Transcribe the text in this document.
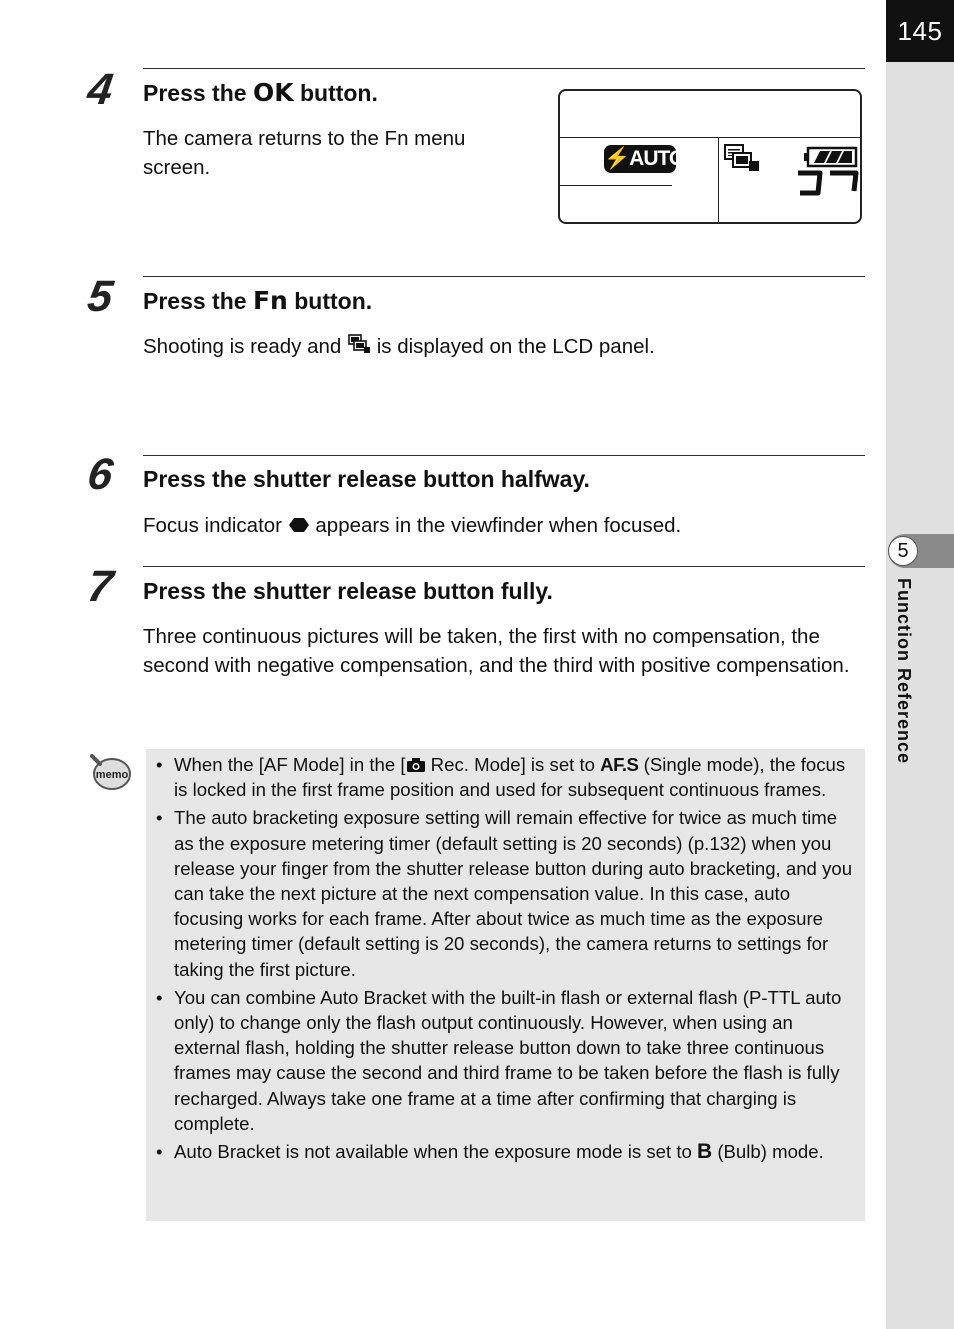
145
5
Function Reference
4 Press the OK button.
The camera returns to the Fn menu screen.	⚡AUTO	37
5 Press the Fn button.
Shooting is ready and  is displayed on the LCD panel.
6 Press the shutter release button halfway.
Focus indicator  appears in the viewfinder when focused.
7 Press the shutter release button fully.
Three continuous pictures will be taken, the first with no compensation, the second with negative compensation, and the third with positive compensation.
memo
•	When the [AF Mode] in the [ Rec. Mode] is set to AF.S (Single mode), the focus is locked in the first frame position and used for subsequent continuous frames.
• The auto bracketing exposure setting will remain effective for twice as much time as the exposure metering timer (default setting is 20 seconds) (p.132) when you release your finger from the shutter release button during auto bracketing, and you can take the next picture at the next compensation value. In this case, auto focusing works for each frame. After about twice as much time as the exposure metering timer (default setting is 20 seconds), the camera returns to settings for taking the first picture.
• You can combine Auto Bracket with the built-in flash or external flash (P-TTL auto only) to change only the flash output continuously. However, when using an external flash, holding the shutter release button down to take three continuous frames may cause the second and third frame to be taken before the flash is fully recharged. Always take one frame at a time after confirming that charging is complete.
• Auto Bracket is not available when the exposure mode is set to B (Bulb) mode.
